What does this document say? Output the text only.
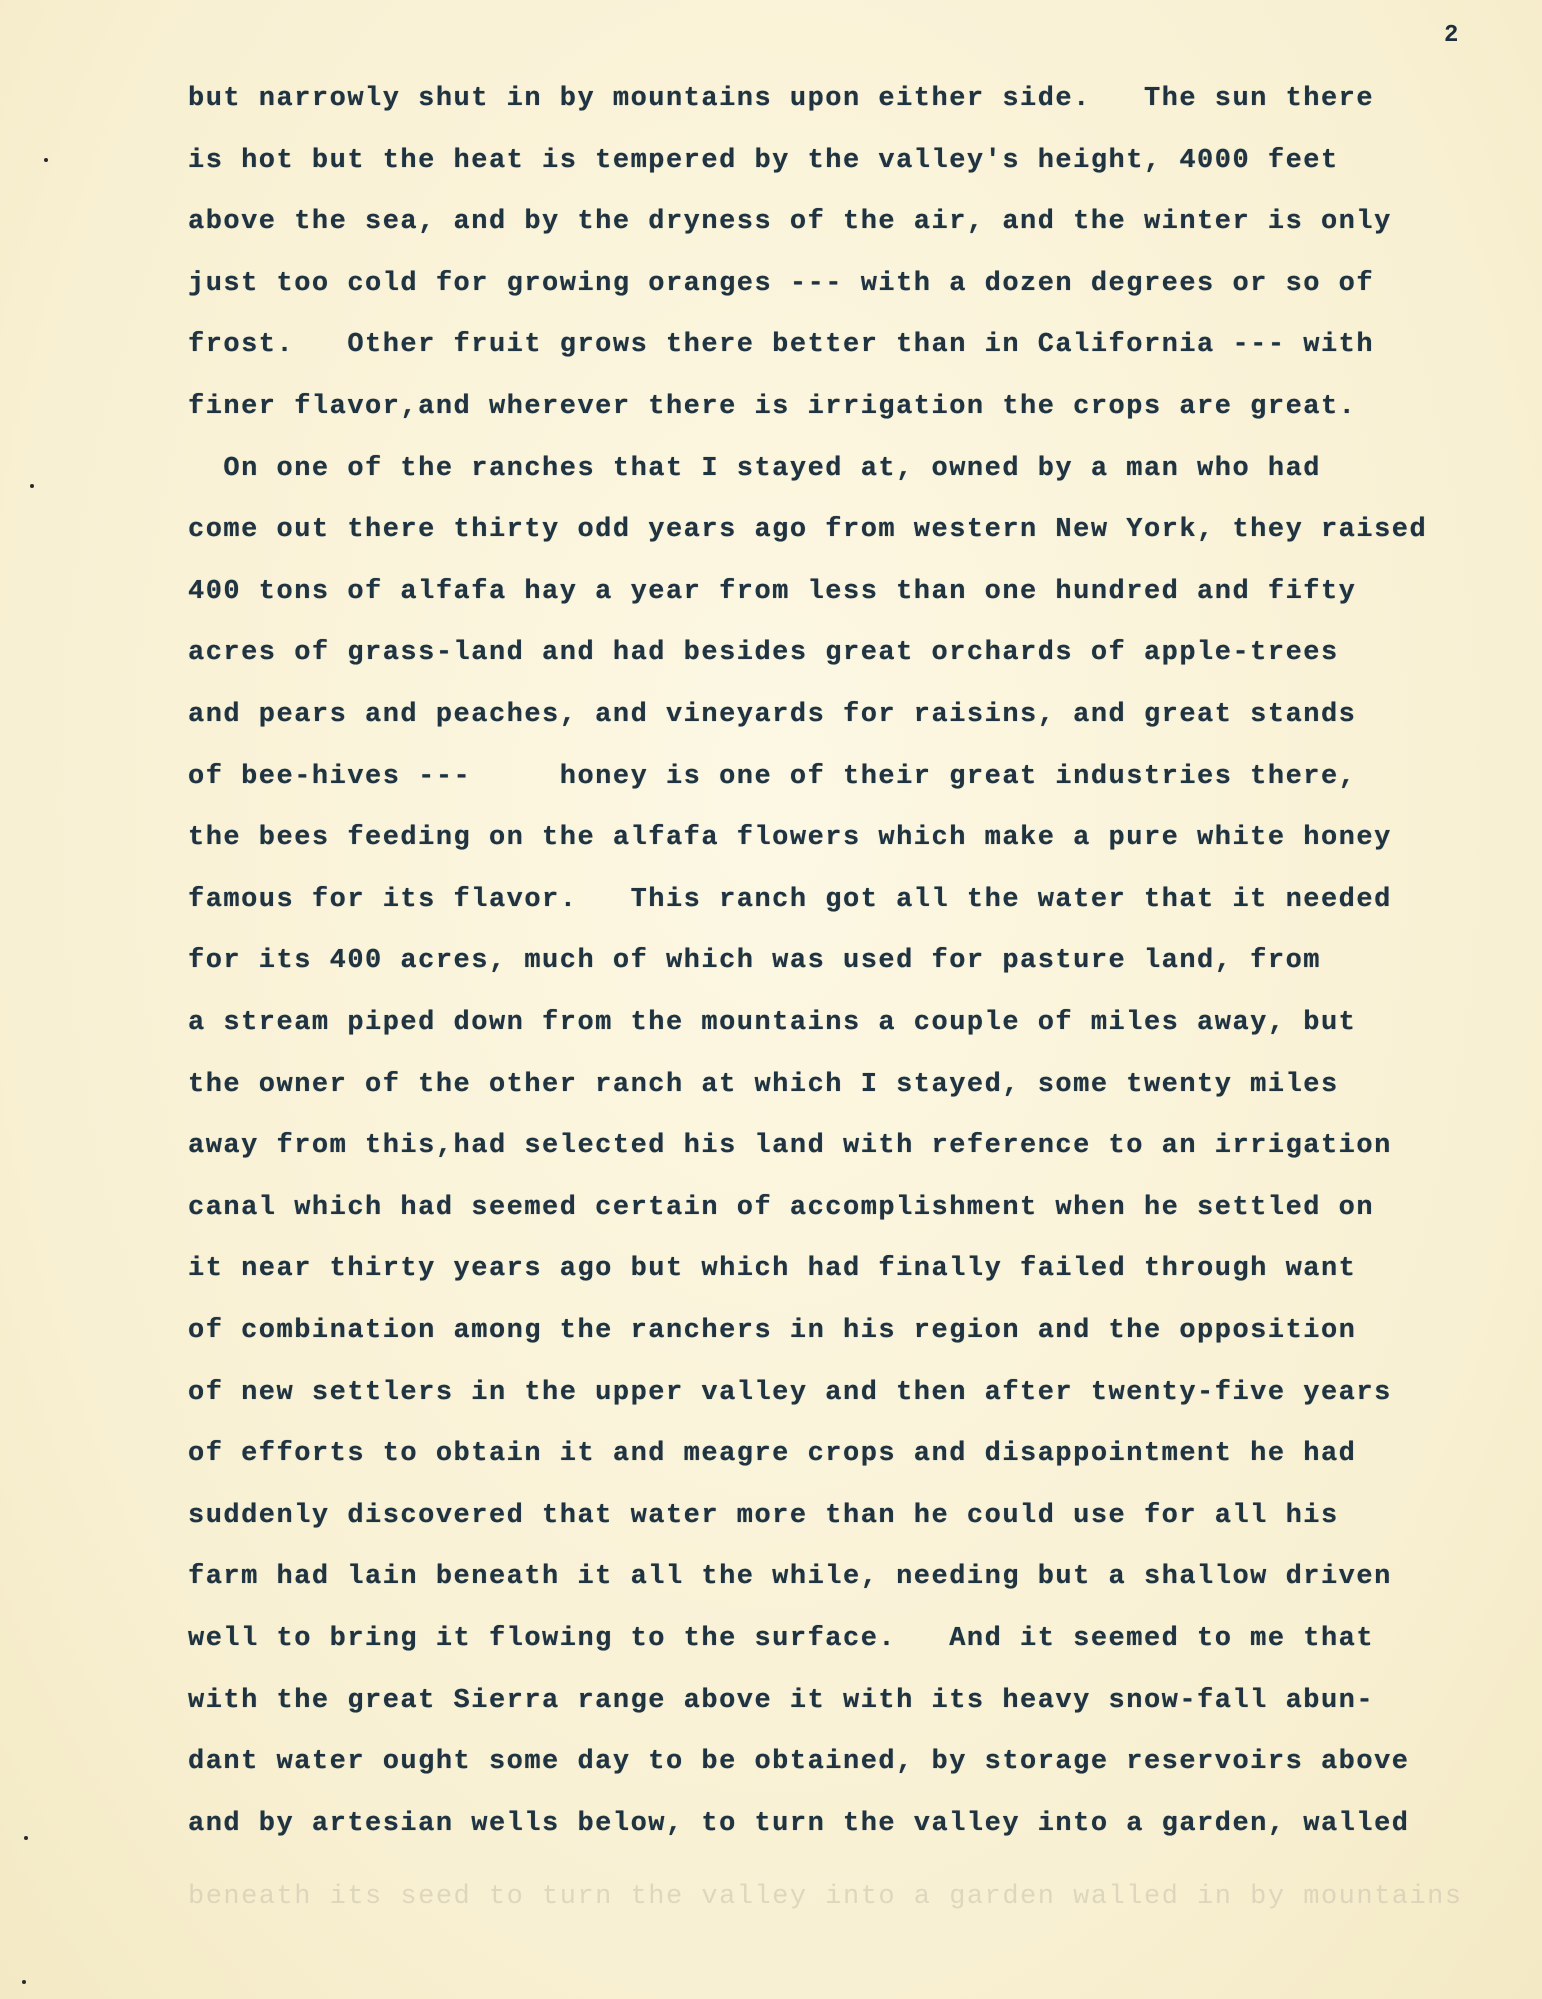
2
but narrowly shut in by mountains upon either side.   The sun there
is hot but the heat is tempered by the valley's height, 4000 feet
above the sea, and by the dryness of the air, and the winter is only
just too cold for growing oranges --- with a dozen degrees or so of
frost.   Other fruit grows there better than in California --- with
finer flavor,and wherever there is irrigation the crops are great.
On one of the ranches that I stayed at, owned by a man who had
come out there thirty odd years ago from western New York, they raised
400 tons of alfafa hay a year from less than one hundred and fifty
acres of grass-land and had besides great orchards of apple-trees
and pears and peaches, and vineyards for raisins, and great stands
of bee-hives ---     honey is one of their great industries there,
the bees feeding on the alfafa flowers which make a pure white honey
famous for its flavor.   This ranch got all the water that it needed
for its 400 acres, much of which was used for pasture land, from
a stream piped down from the mountains a couple of miles away, but
the owner of the other ranch at which I stayed, some twenty miles
away from this,had selected his land with reference to an irrigation
canal which had seemed certain of accomplishment when he settled on
it near thirty years ago but which had finally failed through want
of combination among the ranchers in his region and the opposition
of new settlers in the upper valley and then after twenty-five years
of efforts to obtain it and meagre crops and disappointment he had
suddenly discovered that water more than he could use for all his
farm had lain beneath it all the while, needing but a shallow driven
well to bring it flowing to the surface.   And it seemed to me that
with the great Sierra range above it with its heavy snow-fall abun-
dant water ought some day to be obtained, by storage reservoirs above
and by artesian wells below, to turn the valley into a garden, walled
beneath its seed to turn the valley into a garden walled in by mountains
